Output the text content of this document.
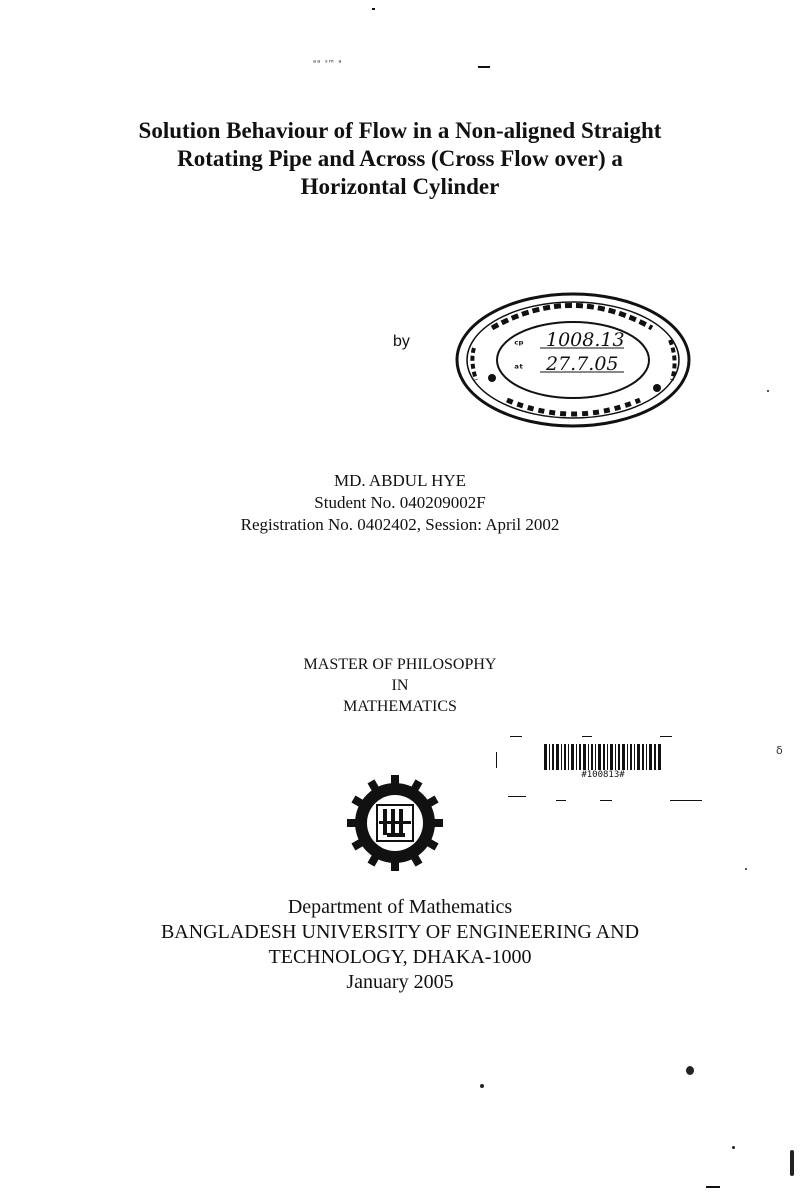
ᵃᵃ ˢᵐ ᵃ
Solution Behaviour of Flow in a Non-aligned Straight
Rotating Pipe and Across (Cross Flow over) a
Horizontal Cylinder
by	ᶜᵖ
ᵃᵗ
1008.13
27.7.05
MD. ABDUL HYE
Student No. 040209002F
Registration No. 0402402, Session: April 2002
MASTER OF PHILOSOPHY
IN
MATHEMATICS
#100813#
Department of Mathematics
BANGLADESH UNIVERSITY OF ENGINEERING AND
TECHNOLOGY, DHAKA-1000
January 2005
δ
